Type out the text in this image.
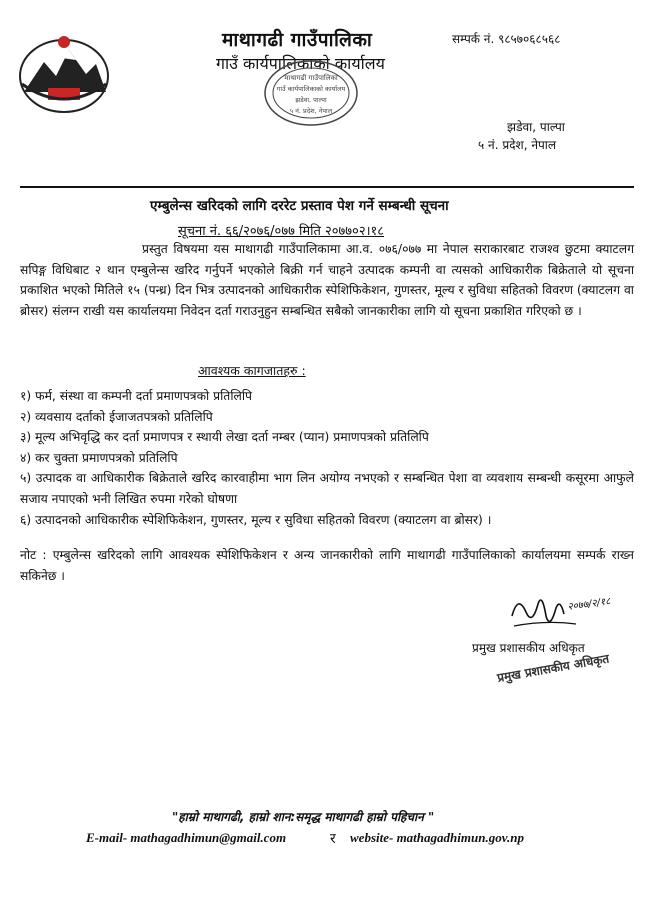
माथागढी गाउँपालिका
गाउँ कार्यपालिकाको कार्यालय
सम्पर्क नं. ९८५७०६८५६८
माथागढी गाउँपालिका
गाउँ कार्यपालिकाको कार्यालय
झडेवा, पाल्पा
५ नं. प्रदेश, नेपाल
झडेवा, पाल्पा
५ नं. प्रदेश, नेपाल
एम्बुलेन्स खरिदको लागि दररेट प्रस्ताव पेश गर्ने सम्बन्धी सूचना
सूचना नं. ६६/२०७६/०७७ मिति २०७७०२।१८

प्रस्तुत विषयमा यस माथागढी गाउँपालिकामा आ.व. ०७६/०७७ मा नेपाल सराकारबाट राजश्व छुटमा क्याटलग सपिङ्ग विधिबाट २ थान एम्बुलेन्स खरिद गर्नुपर्ने भएकोले बिक्री गर्न चाहने उत्पादक कम्पनी वा त्यसको आधिकारीक बिक्रेताले यो सूचना प्रकाशित भएको मितिले १५ (पन्ध्र) दिन भित्र उत्पादनको आधिकारीक स्पेशिफिकेशन, गुणस्तर, मूल्य र सुविधा सहितको विवरण (क्याटलग वा ब्रोसर) संलग्न राखी यस कार्यालयमा निवेदन दर्ता गराउनुहुन सम्बन्धित सबैको जानकारीका लागि यो सूचना प्रकाशित गरिएको छ ।

आवश्यक कागजातहरु :
१) फर्म, संस्था वा कम्पनी दर्ता प्रमाणपत्रको प्रतिलिपि
२) व्यवसाय दर्ताको ईजाजतपत्रको प्रतिलिपि
३) मूल्य अभिवृद्धि कर दर्ता प्रमाणपत्र र स्थायी लेखा दर्ता नम्बर (प्यान) प्रमाणपत्रको प्रतिलिपि
४) कर चुक्ता प्रमाणपत्रको प्रतिलिपि
५) उत्पादक वा आधिकारीक बिक्रेताले खरिद कारवाहीमा भाग लिन अयोग्य नभएको र सम्बन्धित पेशा वा व्यवशाय सम्बन्धी कसूरमा आफुले सजाय नपाएको भनी लिखित रुपमा गरेको घोषणा
६) उत्पादनको आधिकारीक स्पेशिफिकेशन, गुणस्तर, मूल्य र सुविधा सहितको विवरण (क्याटलग वा ब्रोसर) ।

नोट : एम्बुलेन्स खरिदको लागि आवश्यक स्पेशिफिकेशन र अन्य जानकारीको लागि माथागढी गाउँपालिकाको कार्यालयमा सम्पर्क राख्न सकिनेछ ।

२०७७/२/१८
प्रमुख प्रशासकीय अधिकृत
प्रमुख प्रशासकीय अधिकृत
"हाम्रो माथागढी, हाम्रो शान:समृद्ध माथागढी हाम्रो पहिचान "
E-mail- mathagadhimun@gmail.com	र website- mathagadhimun.gov.np
